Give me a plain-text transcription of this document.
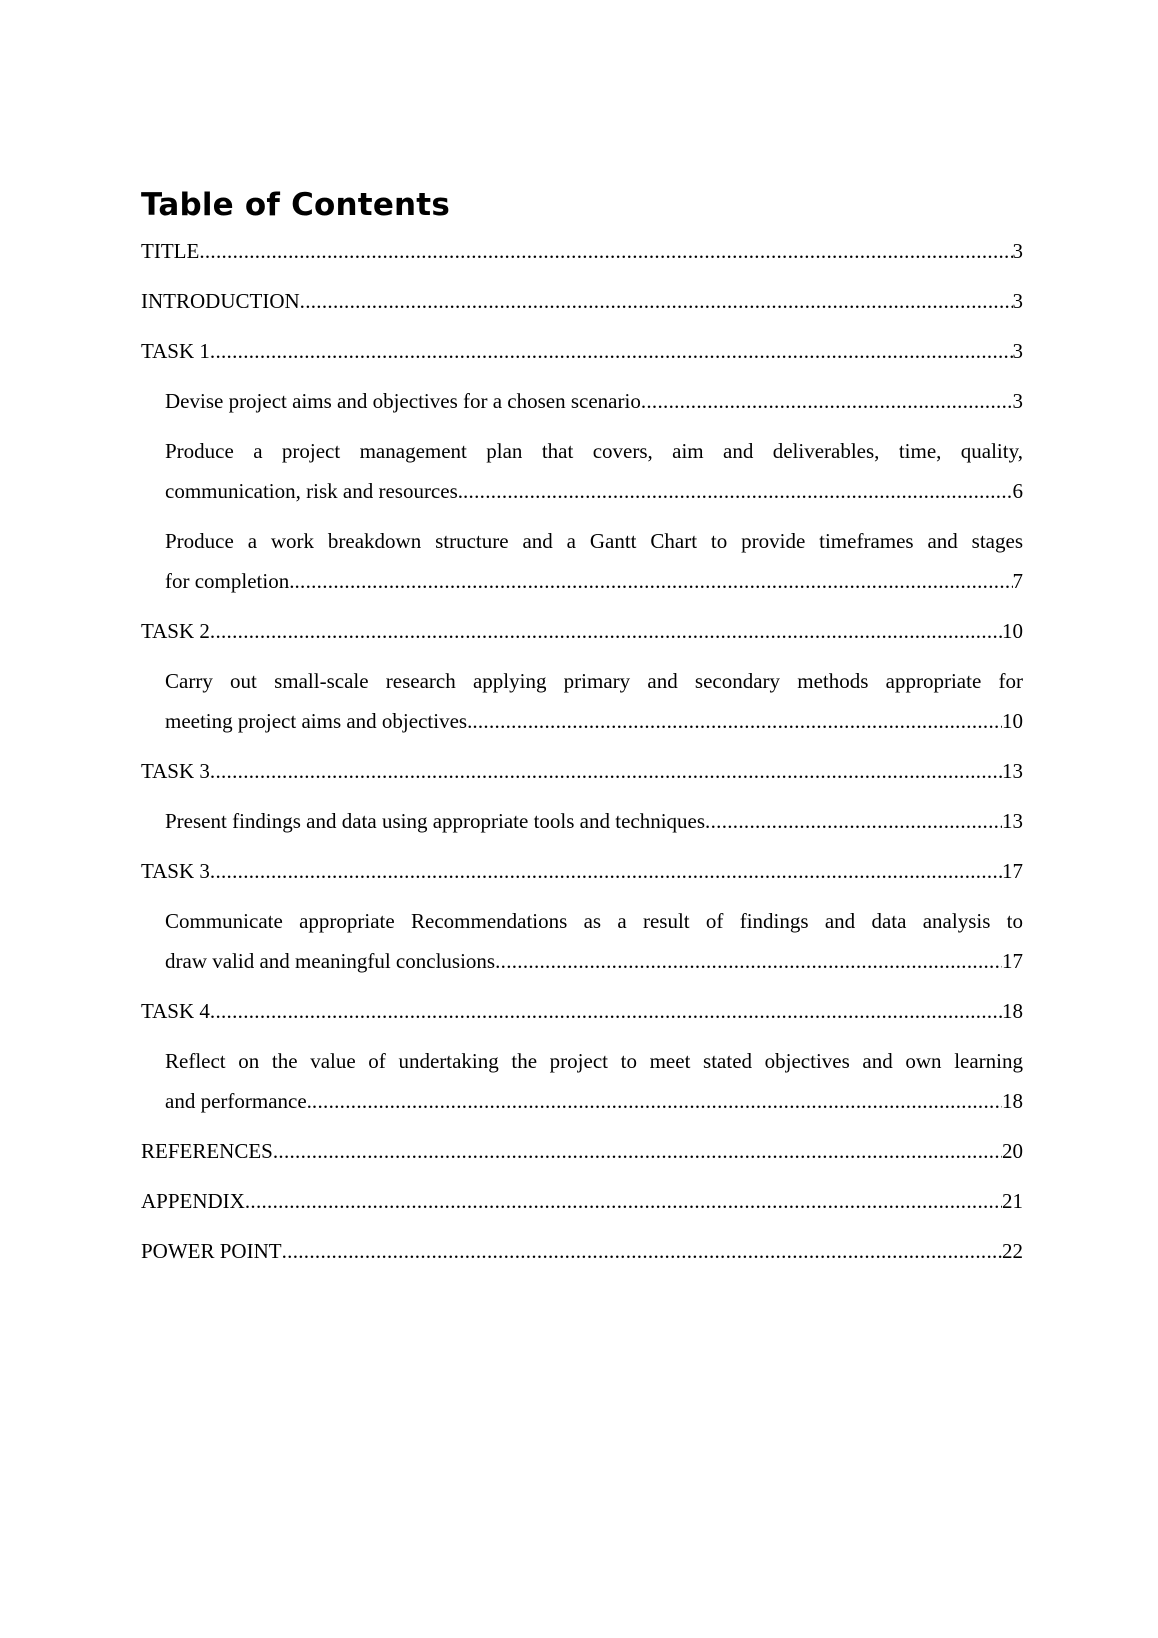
Table of Contents
TITLE .....	3
INTRODUCTION .....	3
TASK 1 .....	3
Devise project aims and objectives for a chosen scenario .....	3
Produce a project management plan that covers, aim and deliverables, time, quality,
communication, risk and resources. .....	6
Produce a work breakdown structure and a Gantt Chart to provide timeframes and stages
for completion. .....	7
TASK 2 .....	10
Carry out small-scale research applying primary and secondary methods appropriate for
meeting project aims and objectives. .....	10
TASK 3 .....	13
Present findings and data using appropriate tools and techniques .....	13
TASK 3 .....	17
Communicate appropriate Recommendations as a result of findings and data analysis to
draw valid and meaningful conclusions .....	17
TASK 4 .....	18
Reflect on the value of undertaking the project to meet stated objectives and own learning
and performance. .....	18
REFERENCES .....	20
APPENDIX .....	21
POWER POINT .....	22
